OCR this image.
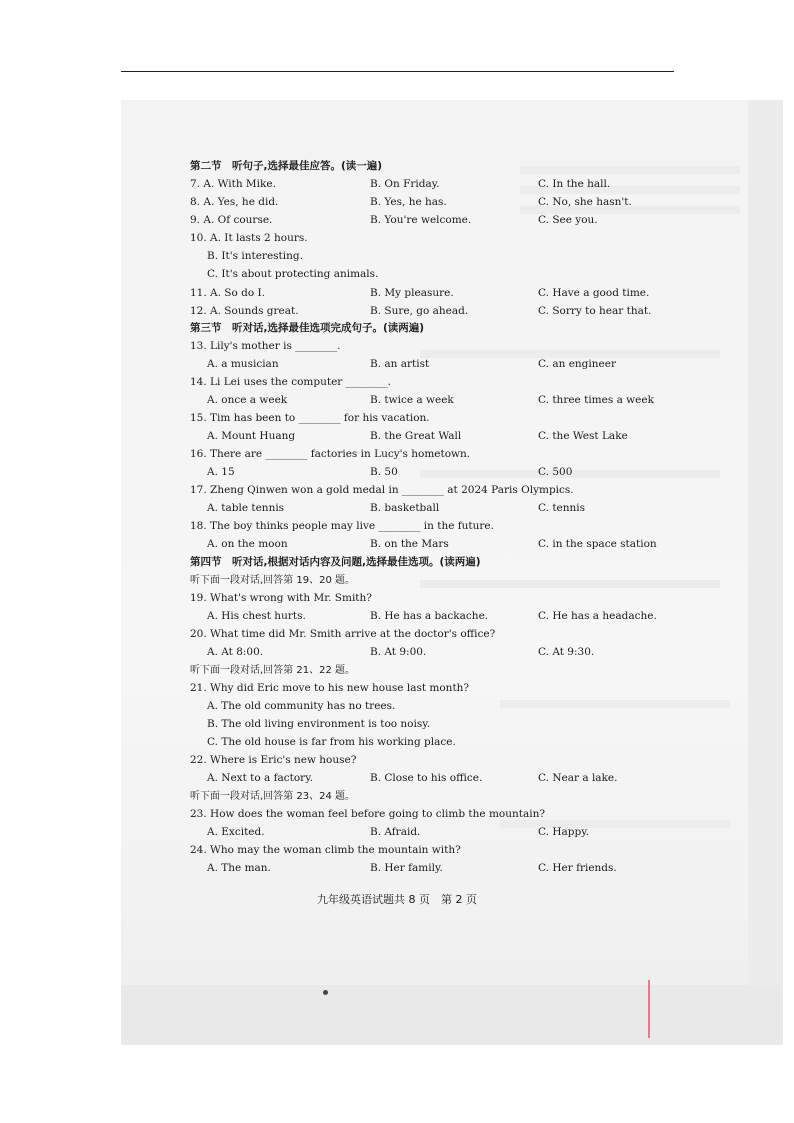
第二节　听句子,选择最佳应答。(读一遍)
7. A. With Mike.	B. On Friday.	C. In the hall.
8. A. Yes, he did.	B. Yes, he has.	C. No, she hasn't.
9. A. Of course.	B. You're welcome.	C. See you.
10. A. It lasts 2 hours.
B. It's interesting.
C. It's about protecting animals.
11. A. So do I.	B. My pleasure.	C. Have a good time.
12. A. Sounds great.	B. Sure, go ahead.	C. Sorry to hear that.
第三节　听对话,选择最佳选项完成句子。(读两遍)
13. Lily's mother is ________.
A. a musician	B. an artist	C. an engineer
14. Li Lei uses the computer ________.
A. once a week	B. twice a week	C. three times a week
15. Tim has been to ________ for his vacation.
A. Mount Huang	B. the Great Wall	C. the West Lake
16. There are ________ factories in Lucy's hometown.
A. 15	B. 50	C. 500
17. Zheng Qinwen won a gold medal in ________ at 2024 Paris Olympics.
A. table tennis	B. basketball	C. tennis
18. The boy thinks people may live ________ in the future.
A. on the moon	B. on the Mars	C. in the space station
第四节　听对话,根据对话内容及问题,选择最佳选项。(读两遍)
听下面一段对话,回答第 19、20 题。
19. What's wrong with Mr. Smith?
A. His chest hurts.	B. He has a backache.	C. He has a headache.
20. What time did Mr. Smith arrive at the doctor's office?
A. At 8:00.	B. At 9:00.	C. At 9:30.
听下面一段对话,回答第 21、22 题。
21. Why did Eric move to his new house last month?
A. The old community has no trees.
B. The old living environment is too noisy.
C. The old house is far from his working place.
22. Where is Eric's new house?
A. Next to a factory.	B. Close to his office.	C. Near a lake.
听下面一段对话,回答第 23、24 题。
23. How does the woman feel before going to climb the mountain?
A. Excited.	B. Afraid.	C. Happy.
24. Who may the woman climb the mountain with?
A. The man.	B. Her family.	C. Her friends.
九年级英语试题共 8 页　第 2 页
